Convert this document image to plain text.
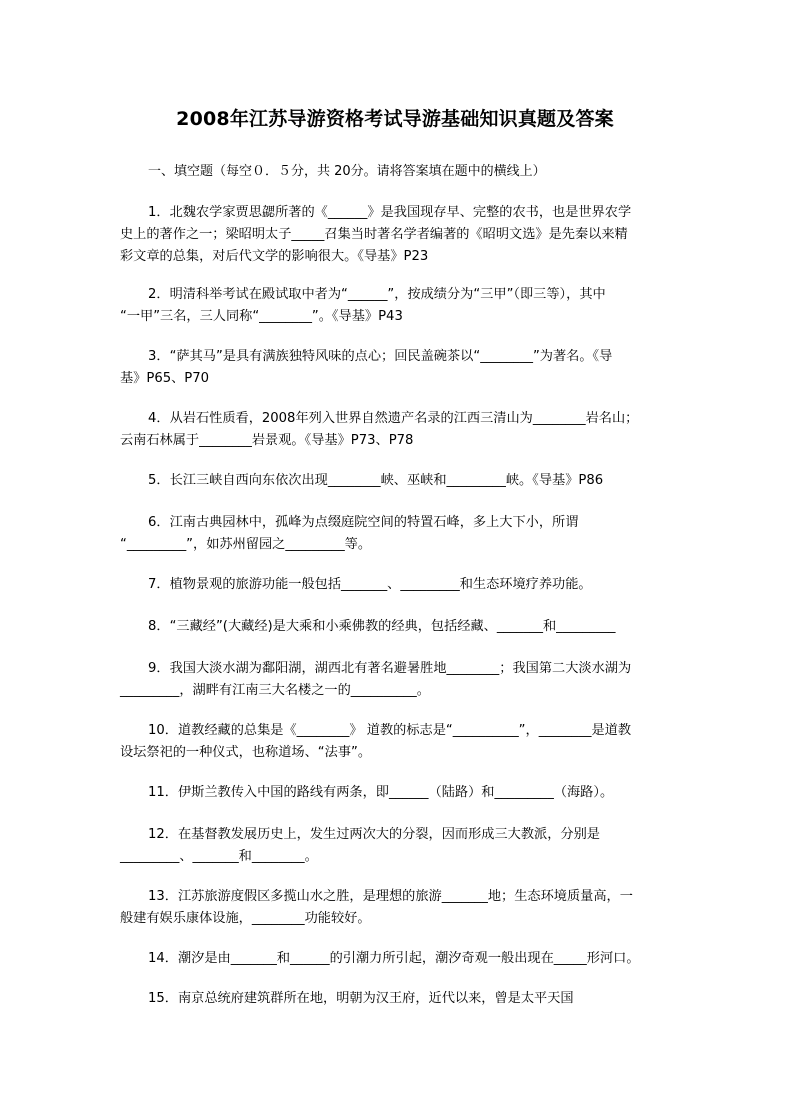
2008年江苏导游资格考试导游基础知识真题及答案
一、填空题（每空０．５分，共 20分。请将答案填在题中的横线上）
1．北魏农学家贾思勰所著的《______》是我国现存早、完整的农书，也是世界农学
史上的著作之一；梁昭明太子_____召集当时著名学者编著的《昭明文选》是先秦以来精
彩文章的总集，对后代文学的影响很大。《导基》P23
2．明清科举考试在殿试取中者为“______”，按成绩分为“三甲”（即三等），其中
“一甲”三名，三人同称“________”。《导基》P43
3．“萨其马”是具有满族独特风味的点心；回民盖碗茶以“________”为著名。《导
基》P65、P70
4．从岩石性质看，2008年列入世界自然遗产名录的江西三清山为________岩名山；
云南石林属于________岩景观。《导基》P73、P78
5．长江三峡自西向东依次出现________峡、巫峡和_________峡。《导基》P86
6．江南古典园林中，孤峰为点缀庭院空间的特置石峰，多上大下小，所谓
“_________”，如苏州留园之_________等。
7．植物景观的旅游功能一般包括_______、_________和生态环境疗养功能。
8．“三藏经”(大藏经)是大乘和小乘佛教的经典，包括经藏、_______和_________
9．我国大淡水湖为鄱阳湖，湖西北有著名避暑胜地________；我国第二大淡水湖为
_________，湖畔有江南三大名楼之一的__________。
10．道教经藏的总集是《________》 道教的标志是“__________”，________是道教
设坛祭祀的一种仪式，也称道场、“法事”。
11．伊斯兰教传入中国的路线有两条，即______（陆路）和_________（海路）。
12．在基督教发展历史上，发生过两次大的分裂，因而形成三大教派，分别是
_________、_______和________。
13．江苏旅游度假区多揽山水之胜，是理想的旅游_______地；生态环境质量高，一
般建有娱乐康体设施，________功能较好。
14．潮汐是由_______和______的引潮力所引起，潮汐奇观一般出现在_____形河口。
15．南京总统府建筑群所在地，明朝为汉王府，近代以来，曾是太平天国
